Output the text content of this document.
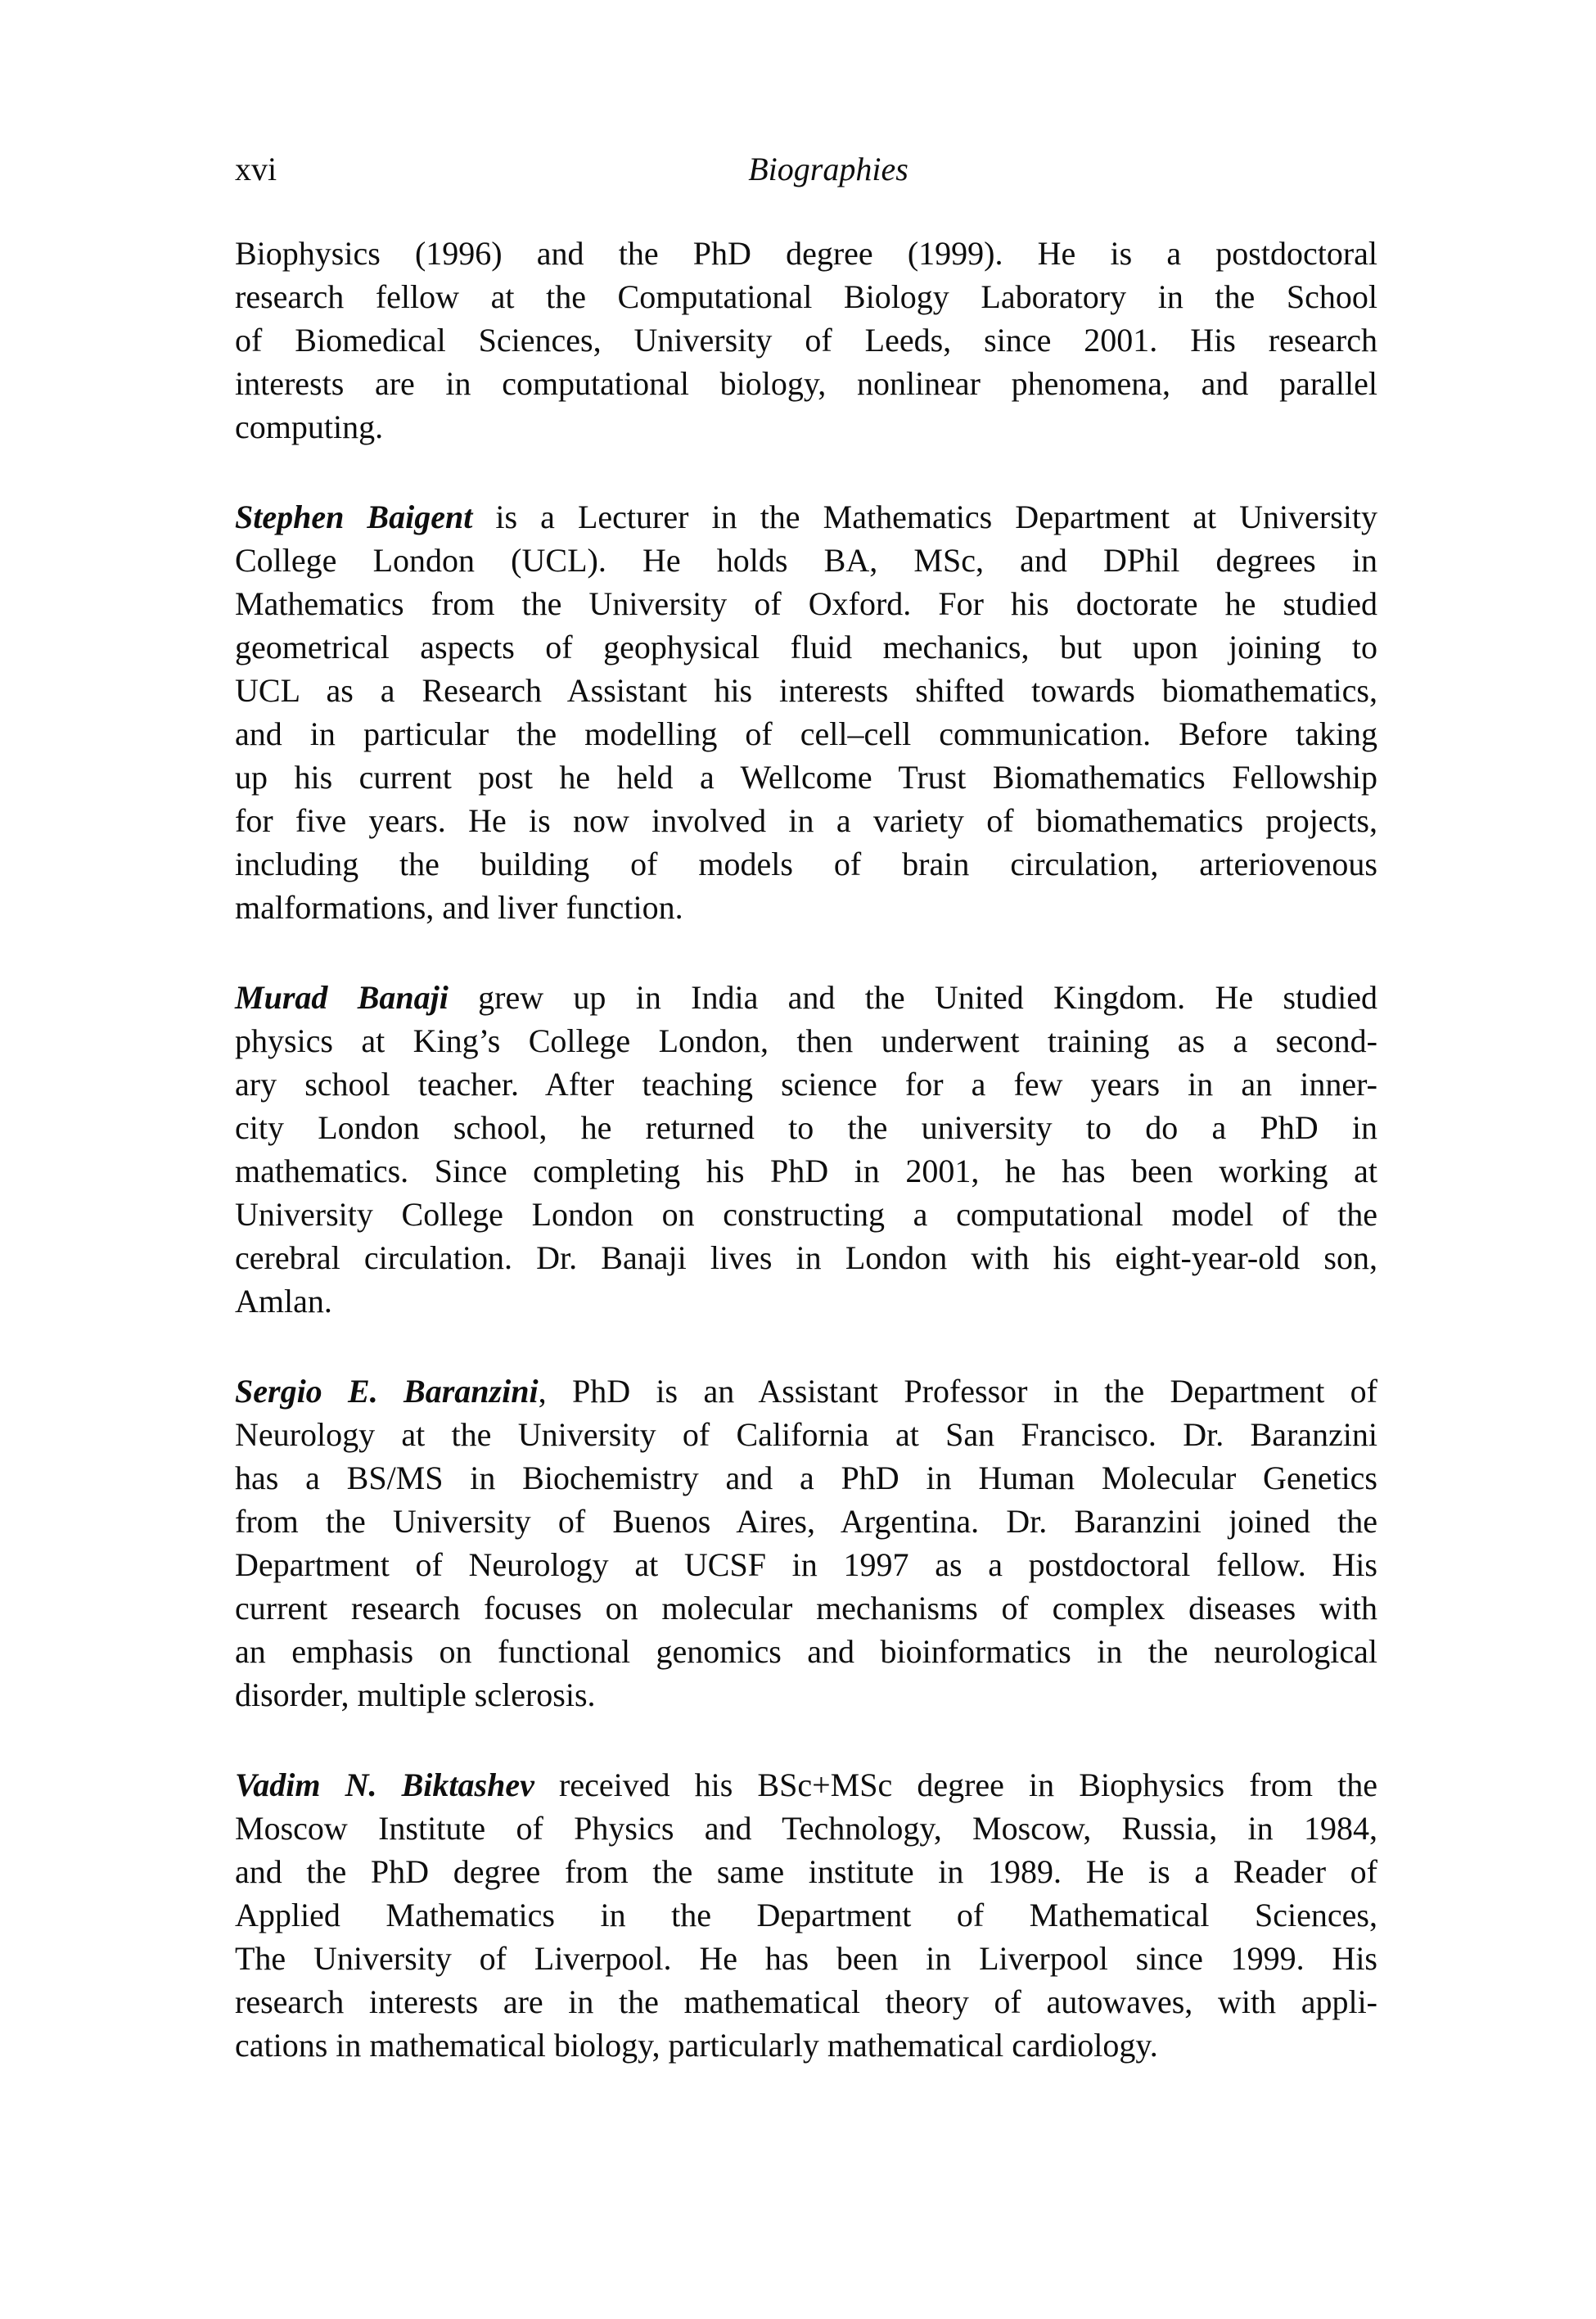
xvi	Biographies
Biophysics (1996) and the PhD degree (1999). He is a postdoctoral
research fellow at the Computational Biology Laboratory in the School
of Biomedical Sciences, University of Leeds, since 2001. His research
interests are in computational biology, nonlinear phenomena, and parallel
computing.
Stephen Baigent is a Lecturer in the Mathematics Department at University
College London (UCL). He holds BA, MSc, and DPhil degrees in
Mathematics from the University of Oxford. For his doctorate he studied
geometrical aspects of geophysical fluid mechanics, but upon joining to
UCL as a Research Assistant his interests shifted towards biomathematics,
and in particular the modelling of cell–cell communication. Before taking
up his current post he held a Wellcome Trust Biomathematics Fellowship
for five years. He is now involved in a variety of biomathematics projects,
including the building of models of brain circulation, arteriovenous
malformations, and liver function.
Murad Banaji grew up in India and the United Kingdom. He studied
physics at King’s College London, then underwent training as a second-
ary school teacher. After teaching science for a few years in an inner-
city London school, he returned to the university to do a PhD in
mathematics. Since completing his PhD in 2001, he has been working at
University College London on constructing a computational model of the
cerebral circulation. Dr. Banaji lives in London with his eight-year-old son,
Amlan.
Sergio E. Baranzini, PhD is an Assistant Professor in the Department of
Neurology at the University of California at San Francisco. Dr. Baranzini
has a BS/MS in Biochemistry and a PhD in Human Molecular Genetics
from the University of Buenos Aires, Argentina. Dr. Baranzini joined the
Department of Neurology at UCSF in 1997 as a postdoctoral fellow. His
current research focuses on molecular mechanisms of complex diseases with
an emphasis on functional genomics and bioinformatics in the neurological
disorder, multiple sclerosis.
Vadim N. Biktashev received his BSc+MSc degree in Biophysics from the
Moscow Institute of Physics and Technology, Moscow, Russia, in 1984,
and the PhD degree from the same institute in 1989. He is a Reader of
Applied Mathematics in the Department of Mathematical Sciences,
The University of Liverpool. He has been in Liverpool since 1999. His
research interests are in the mathematical theory of autowaves, with appli-
cations in mathematical biology, particularly mathematical cardiology.
